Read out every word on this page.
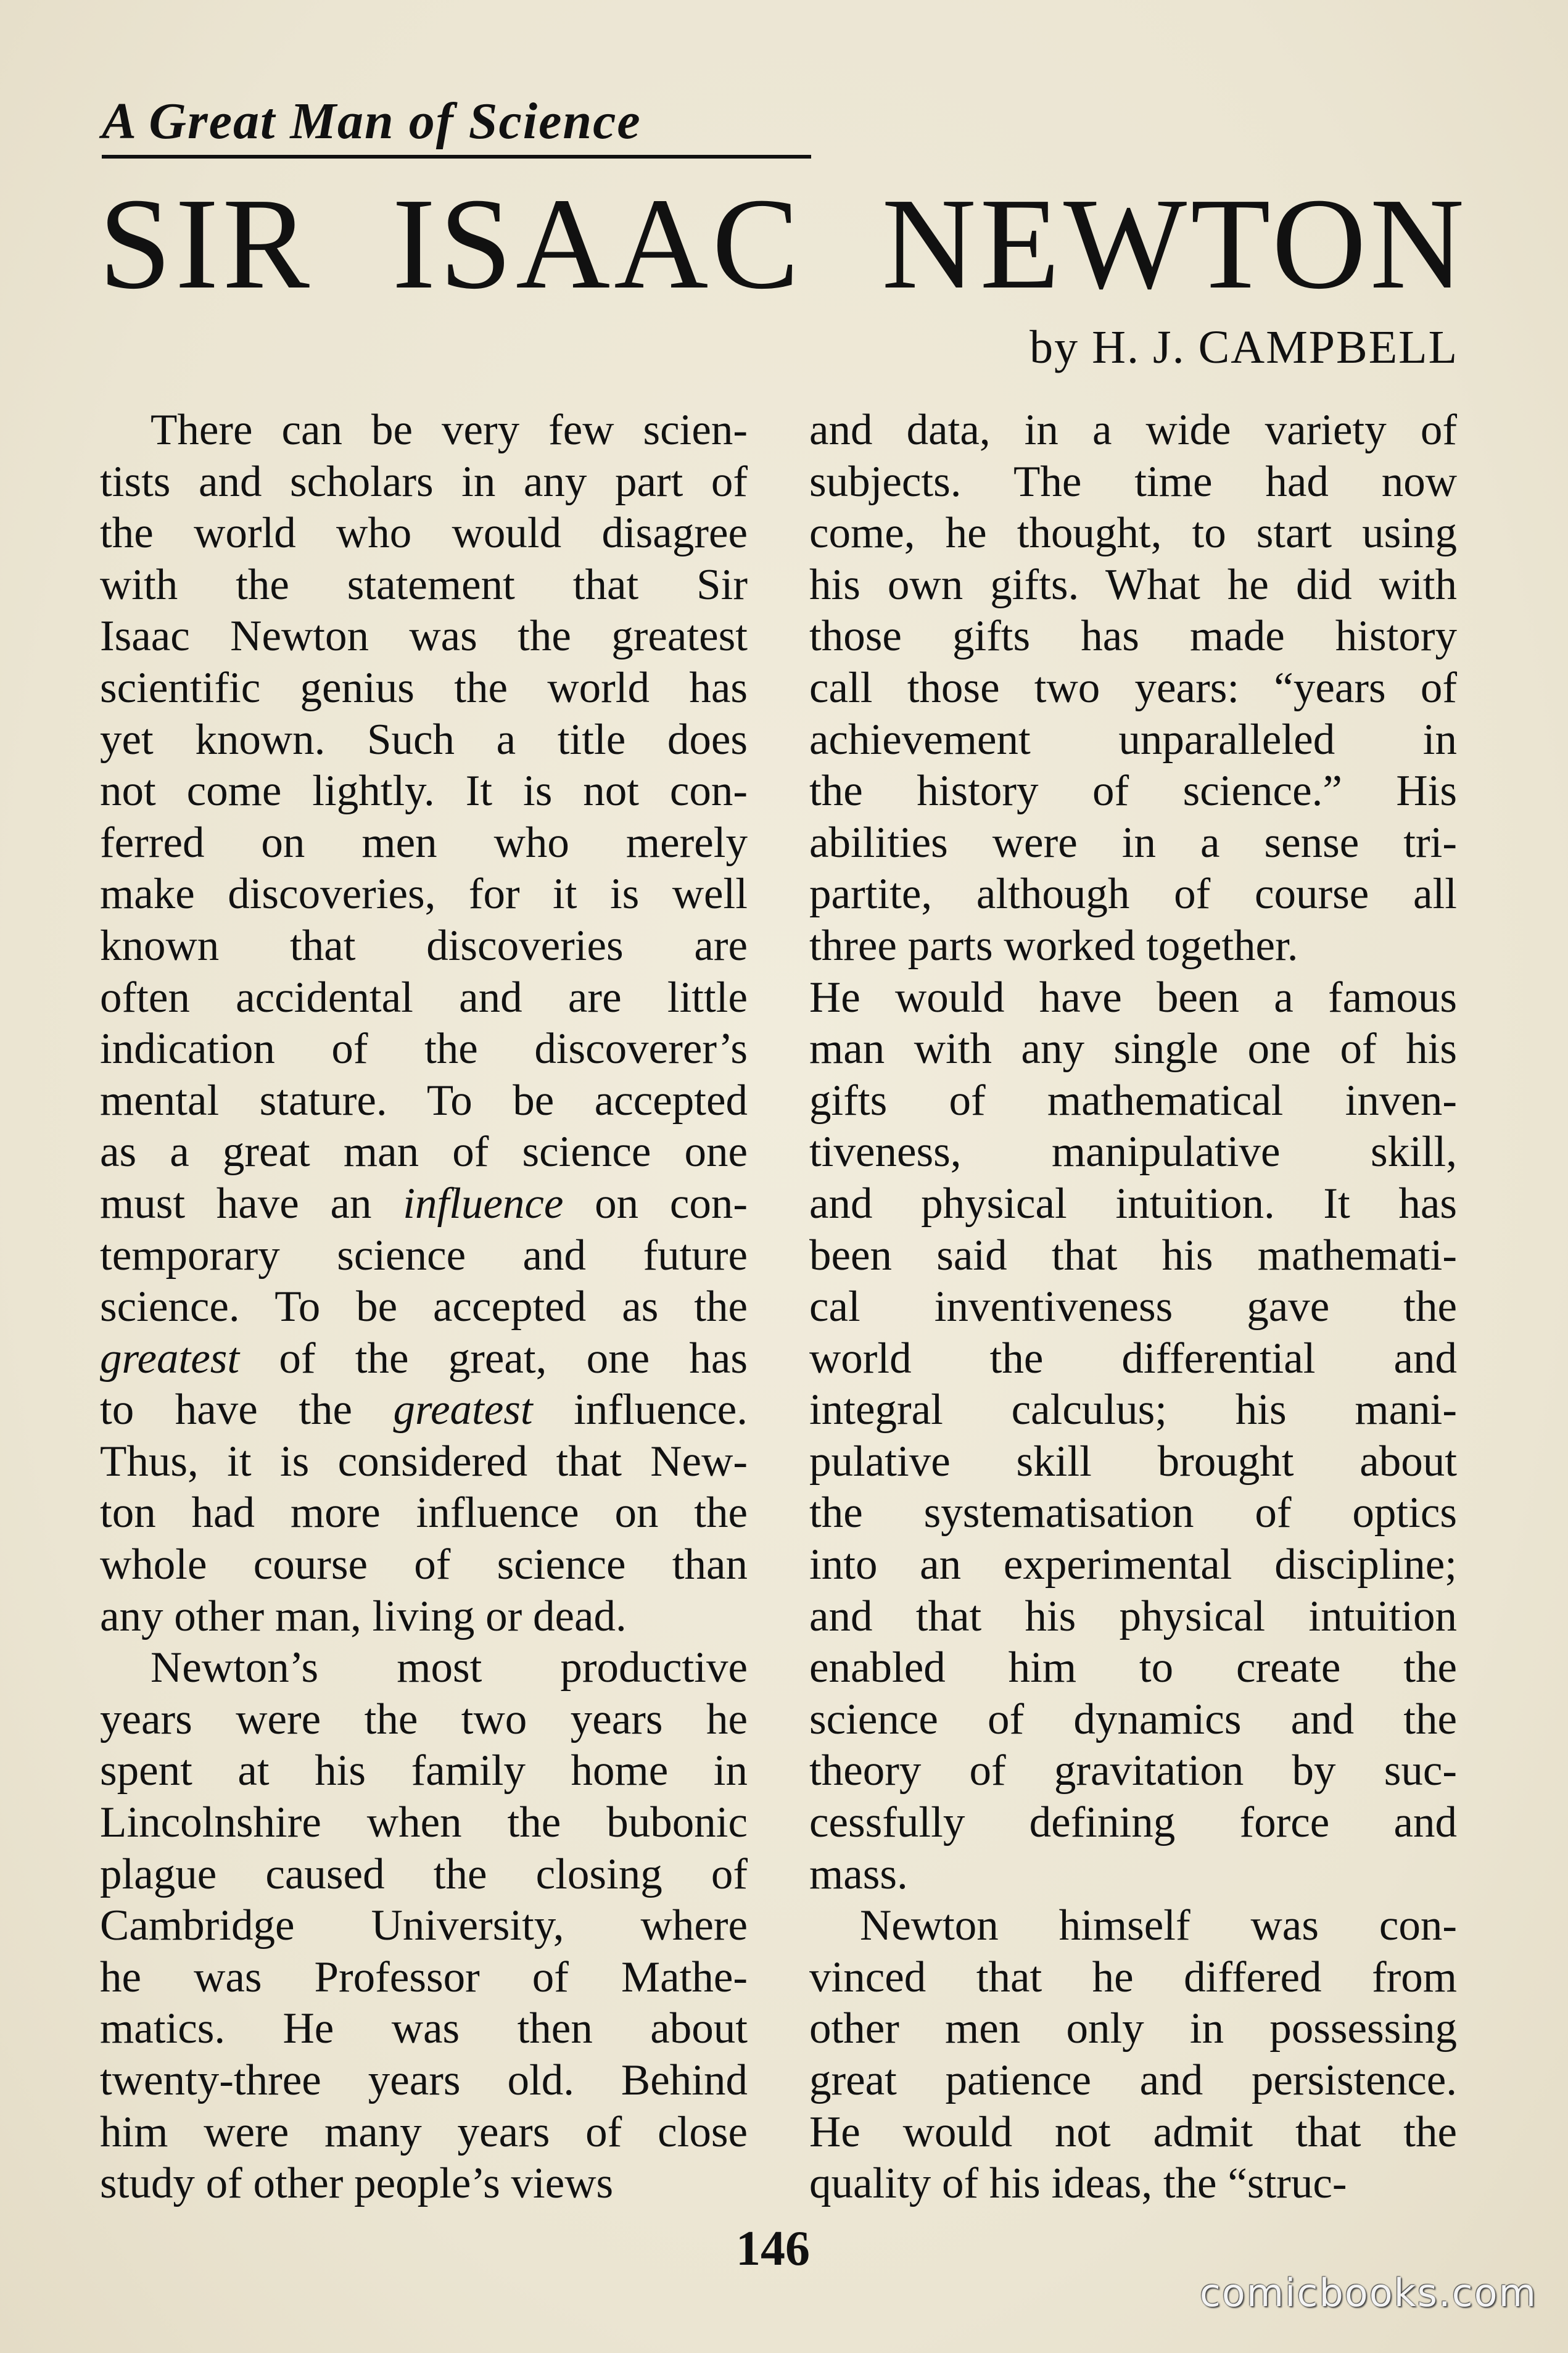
A Great Man of Science
SIR ISAAC NEWTON
by H. J. CAMPBELL
There can be very few scien-
tists and scholars in any part of
the world who would disagree
with the statement that Sir
Isaac Newton was the greatest
scientific genius the world has
yet known. Such a title does
not come lightly. It is not con-
ferred on men who merely
make discoveries, for it is well
known that discoveries are
often accidental and are little
indication of the discoverer’s
mental stature. To be accepted
as a great man of science one
must have an influence on con-
temporary science and future
science. To be accepted as the
greatest of the great, one has
to have the greatest influence.
Thus, it is considered that New-
ton had more influence on the
whole course of science than
any other man, living or dead.
Newton’s most productive
years were the two years he
spent at his family home in
Lincolnshire when the bubonic
plague caused the closing of
Cambridge University, where
he was Professor of Mathe-
matics. He was then about
twenty-three years old. Behind
him were many years of close
study of other people’s views
and data, in a wide variety of
subjects. The time had now
come, he thought, to start using
his own gifts. What he did with
those gifts has made history
call those two years: “years of
achievement unparalleled in
the history of science.” His
abilities were in a sense tri-
partite, although of course all
three parts worked together.
He would have been a famous
man with any single one of his
gifts of mathematical inven-
tiveness, manipulative skill,
and physical intuition. It has
been said that his mathemati-
cal inventiveness gave the
world the differential and
integral calculus; his mani-
pulative skill brought about
the systematisation of optics
into an experimental discipline;
and that his physical intuition
enabled him to create the
science of dynamics and the
theory of gravitation by suc-
cessfully defining force and
mass.
Newton himself was con-
vinced that he differed from
other men only in possessing
great patience and persistence.
He would not admit that the
quality of his ideas, the “struc-
146
comicbooks.com
